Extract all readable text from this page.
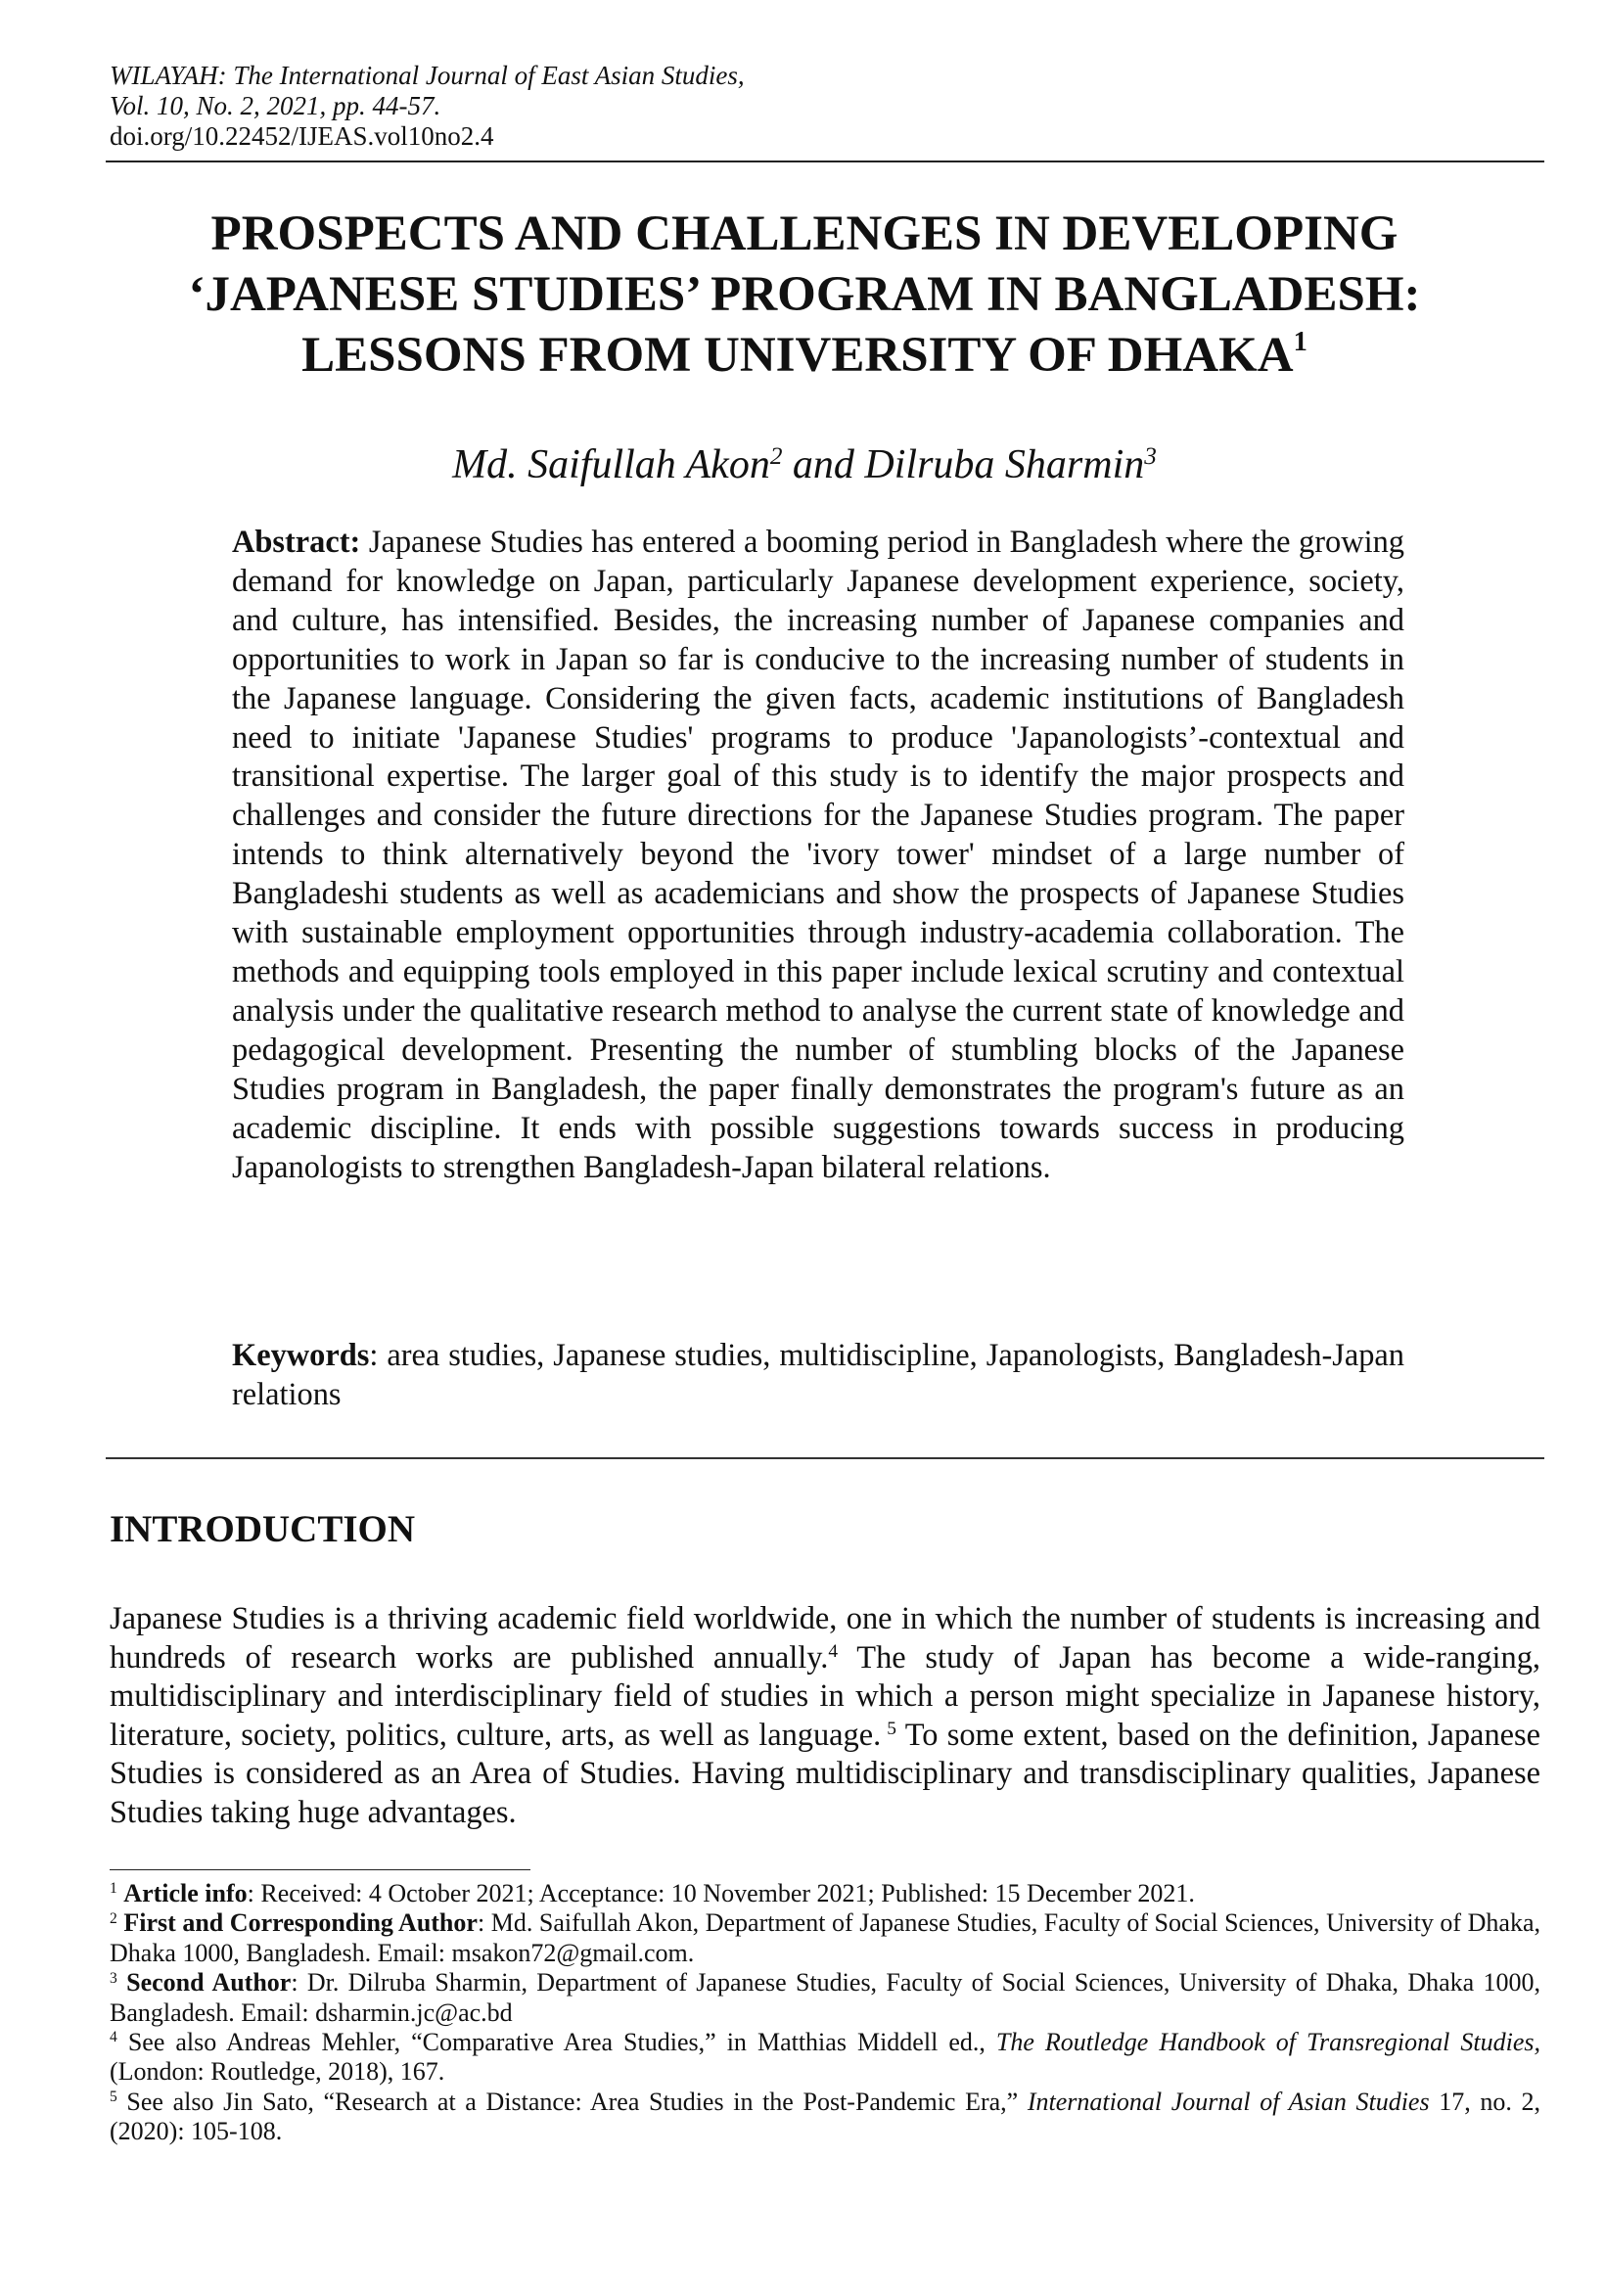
WILAYAH: The International Journal of East Asian Studies,
Vol. 10, No. 2, 2021, pp. 44-57.
doi.org/10.22452/IJEAS.vol10no2.4
PROSPECTS AND CHALLENGES IN DEVELOPING
‘JAPANESE STUDIES’ PROGRAM IN BANGLADESH:
LESSONS FROM UNIVERSITY OF DHAKA$^1$
Md. Saifullah Akon$^2$ and Dilruba Sharmin$^3$
Abstract: Japanese Studies has entered a booming period in Bangladesh where the growing demand for knowledge on Japan, particularly Japanese development experience, society, and culture, has intensified. Besides, the increasing number of Japanese companies and opportunities to work in Japan so far is conducive to the increasing number of students in the Japanese language. Considering the given facts, academic institutions of Bangladesh need to initiate 'Japanese Studies' programs to produce 'Japanologists’-contextual and transitional expertise. The larger goal of this study is to identify the major prospects and challenges and consider the future directions for the Japanese Studies program. The paper intends to think alternatively beyond the 'ivory tower' mindset of a large number of Bangladeshi students as well as academicians and show the prospects of Japanese Studies with sustainable employment opportunities through industry-academia collaboration. The methods and equipping tools employed in this paper include lexical scrutiny and contextual analysis under the qualitative research method to analyse the current state of knowledge and pedagogical development. Presenting the number of stumbling blocks of the Japanese Studies program in Bangladesh, the paper finally demonstrates the program's future as an academic discipline. It ends with possible suggestions towards success in producing Japanologists to strengthen Bangladesh-Japan bilateral relations.
Keywords: area studies, Japanese studies, multidiscipline, Japanologists, Bangladesh-Japan relations
INTRODUCTION

Japanese Studies is a thriving academic field worldwide, one in which the number of students is increasing and hundreds of research works are published annually.$^4$ The study of Japan has become a wide-ranging, multidisciplinary and interdisciplinary field of studies in which a person might specialize in Japanese history, literature, society, politics, culture, arts, as well as language. $^5$ To some extent, based on the definition, Japanese Studies is considered as an Area of Studies. Having multidisciplinary and transdisciplinary qualities, Japanese Studies taking huge advantages.

$^1$ Article info: Received: 4 October 2021; Acceptance: 10 November 2021; Published: 15 December 2021.
$^2$ First and Corresponding Author: Md. Saifullah Akon, Department of Japanese Studies, Faculty of Social Sciences, University of Dhaka, Dhaka 1000, Bangladesh. Email: msakon72@gmail.com.
$^3$ Second Author: Dr. Dilruba Sharmin, Department of Japanese Studies, Faculty of Social Sciences, University of Dhaka, Dhaka 1000, Bangladesh. Email: dsharmin.jc@ac.bd
$^4$ See also Andreas Mehler, “Comparative Area Studies,” in Matthias Middell ed., The Routledge Handbook of Transregional Studies, (London: Routledge, 2018), 167.
$^5$ See also Jin Sato, “Research at a Distance: Area Studies in the Post-Pandemic Era,” International Journal of Asian Studies 17, no. 2, (2020): 105-108.
